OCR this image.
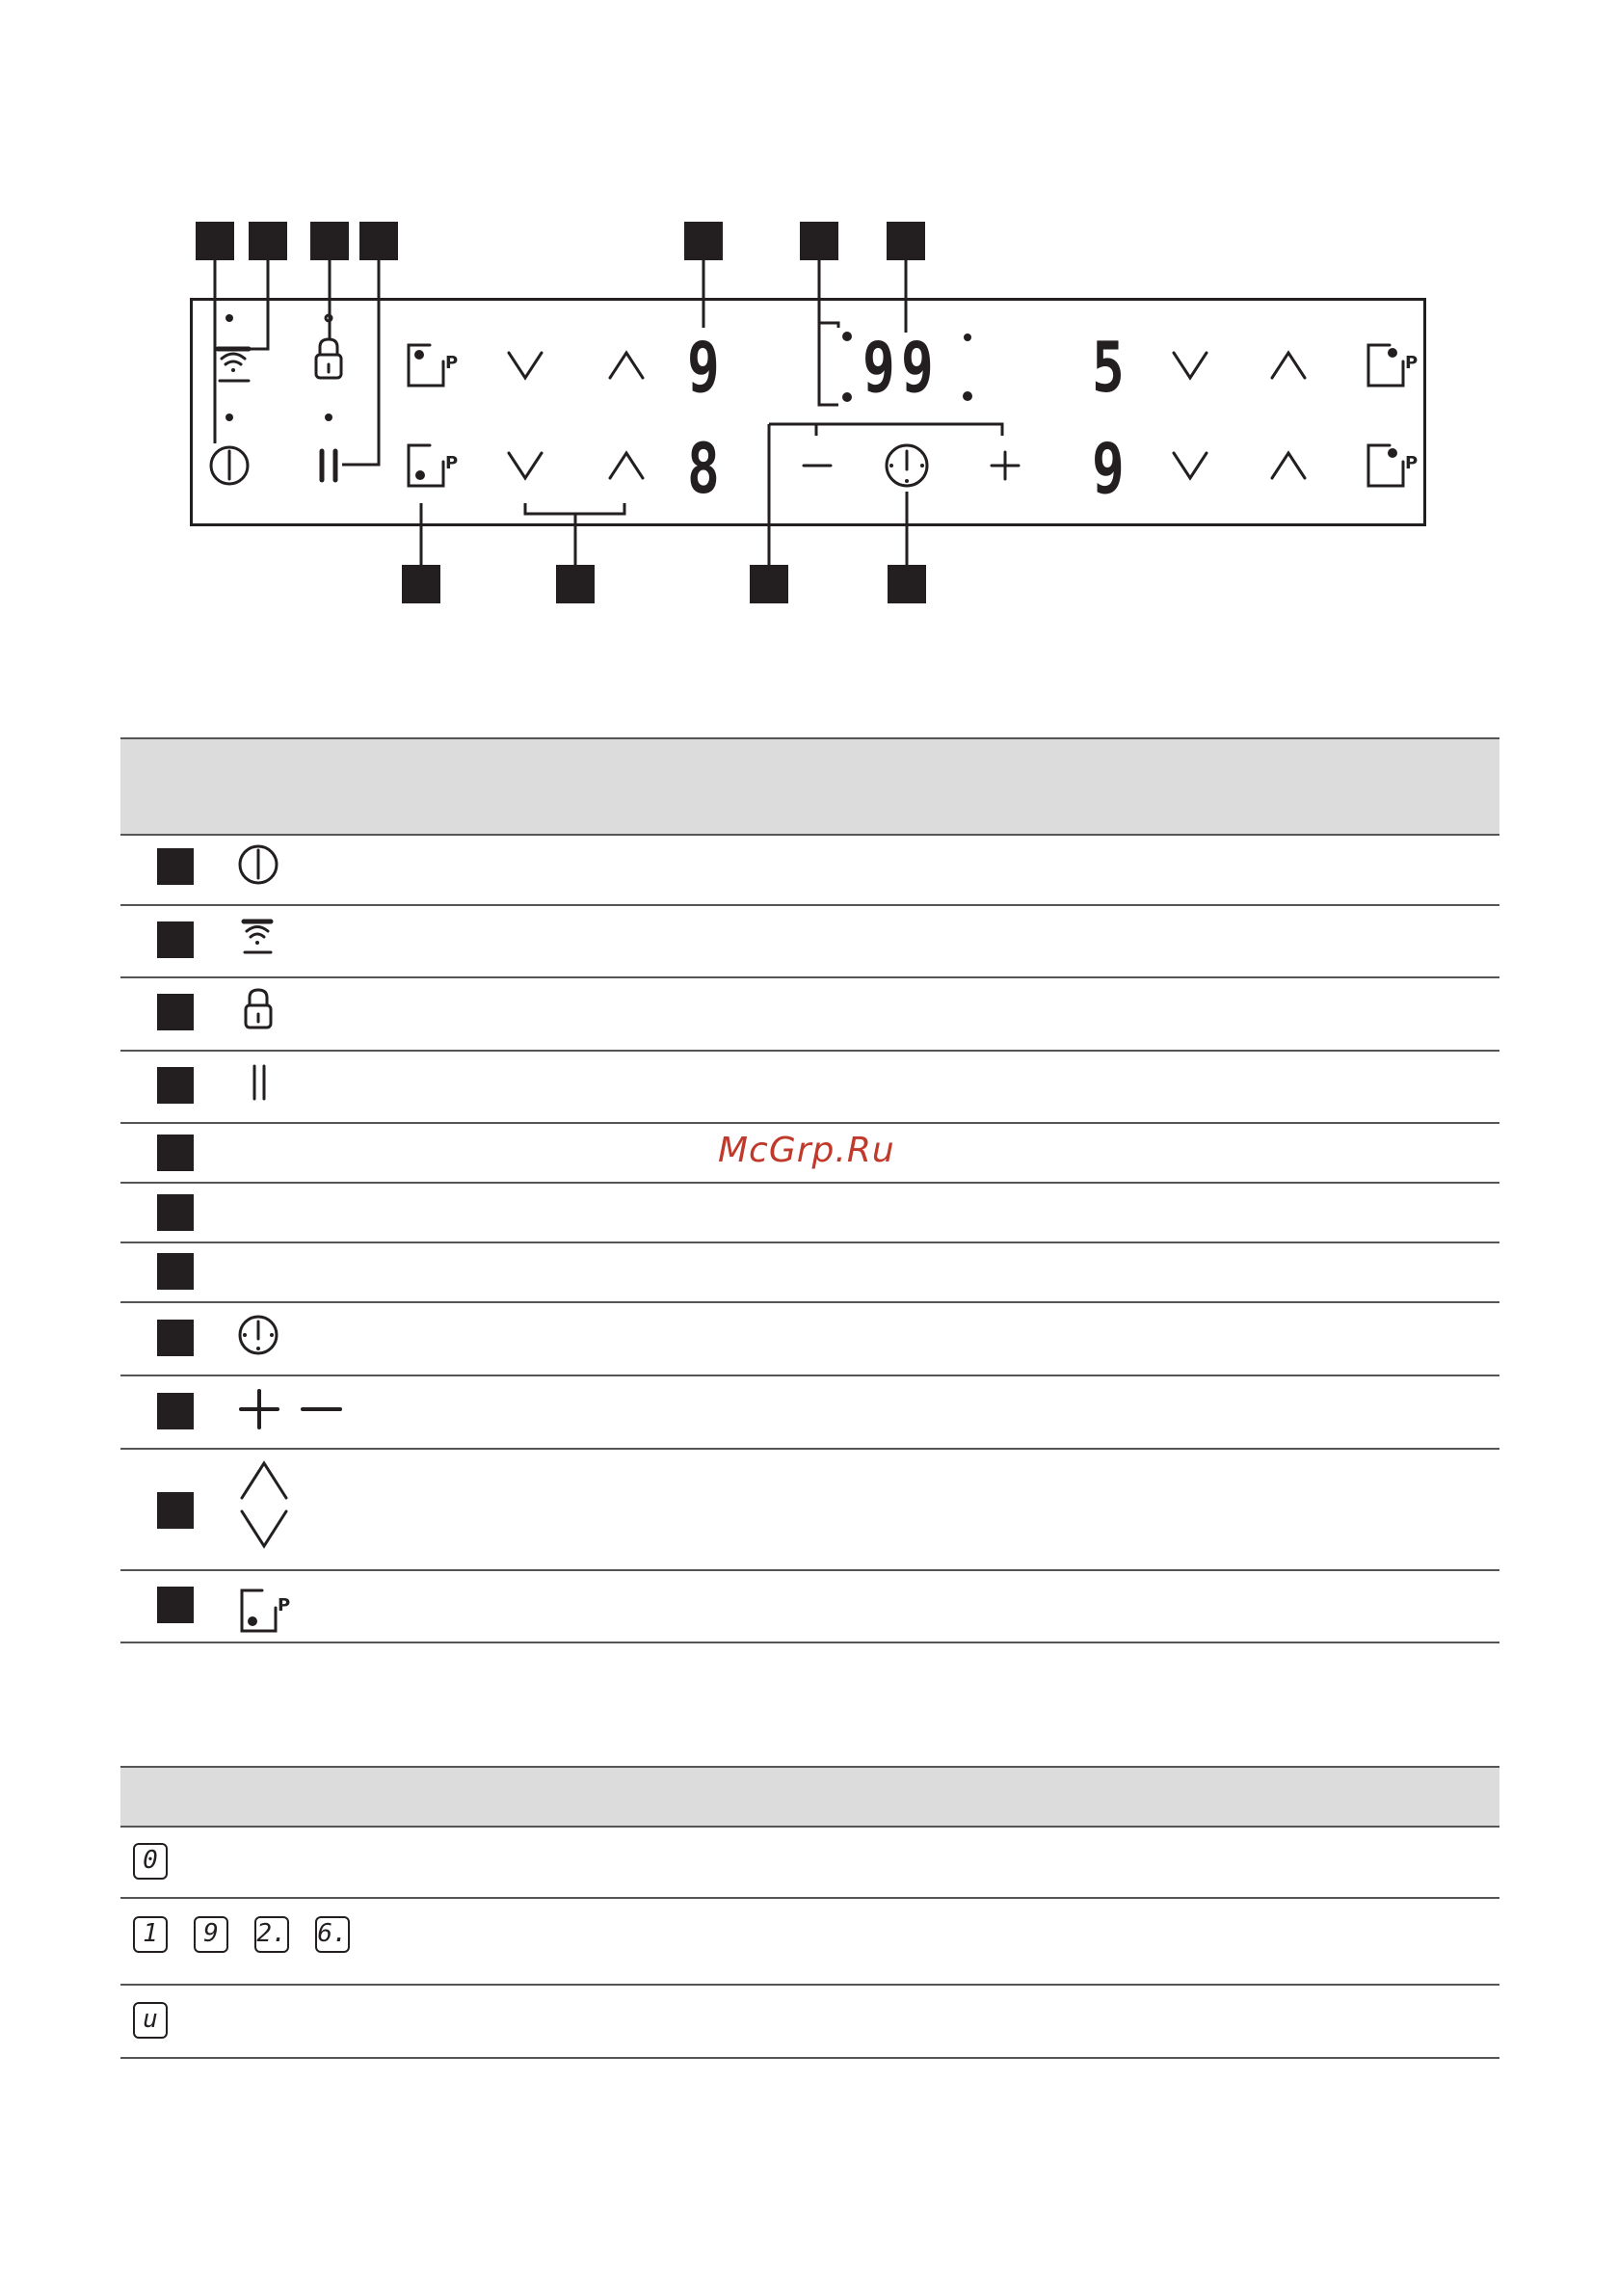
P
P
P
P
9
8
99 5
9
P
McGrp.Ru
0
1	9	2. 6.
u
